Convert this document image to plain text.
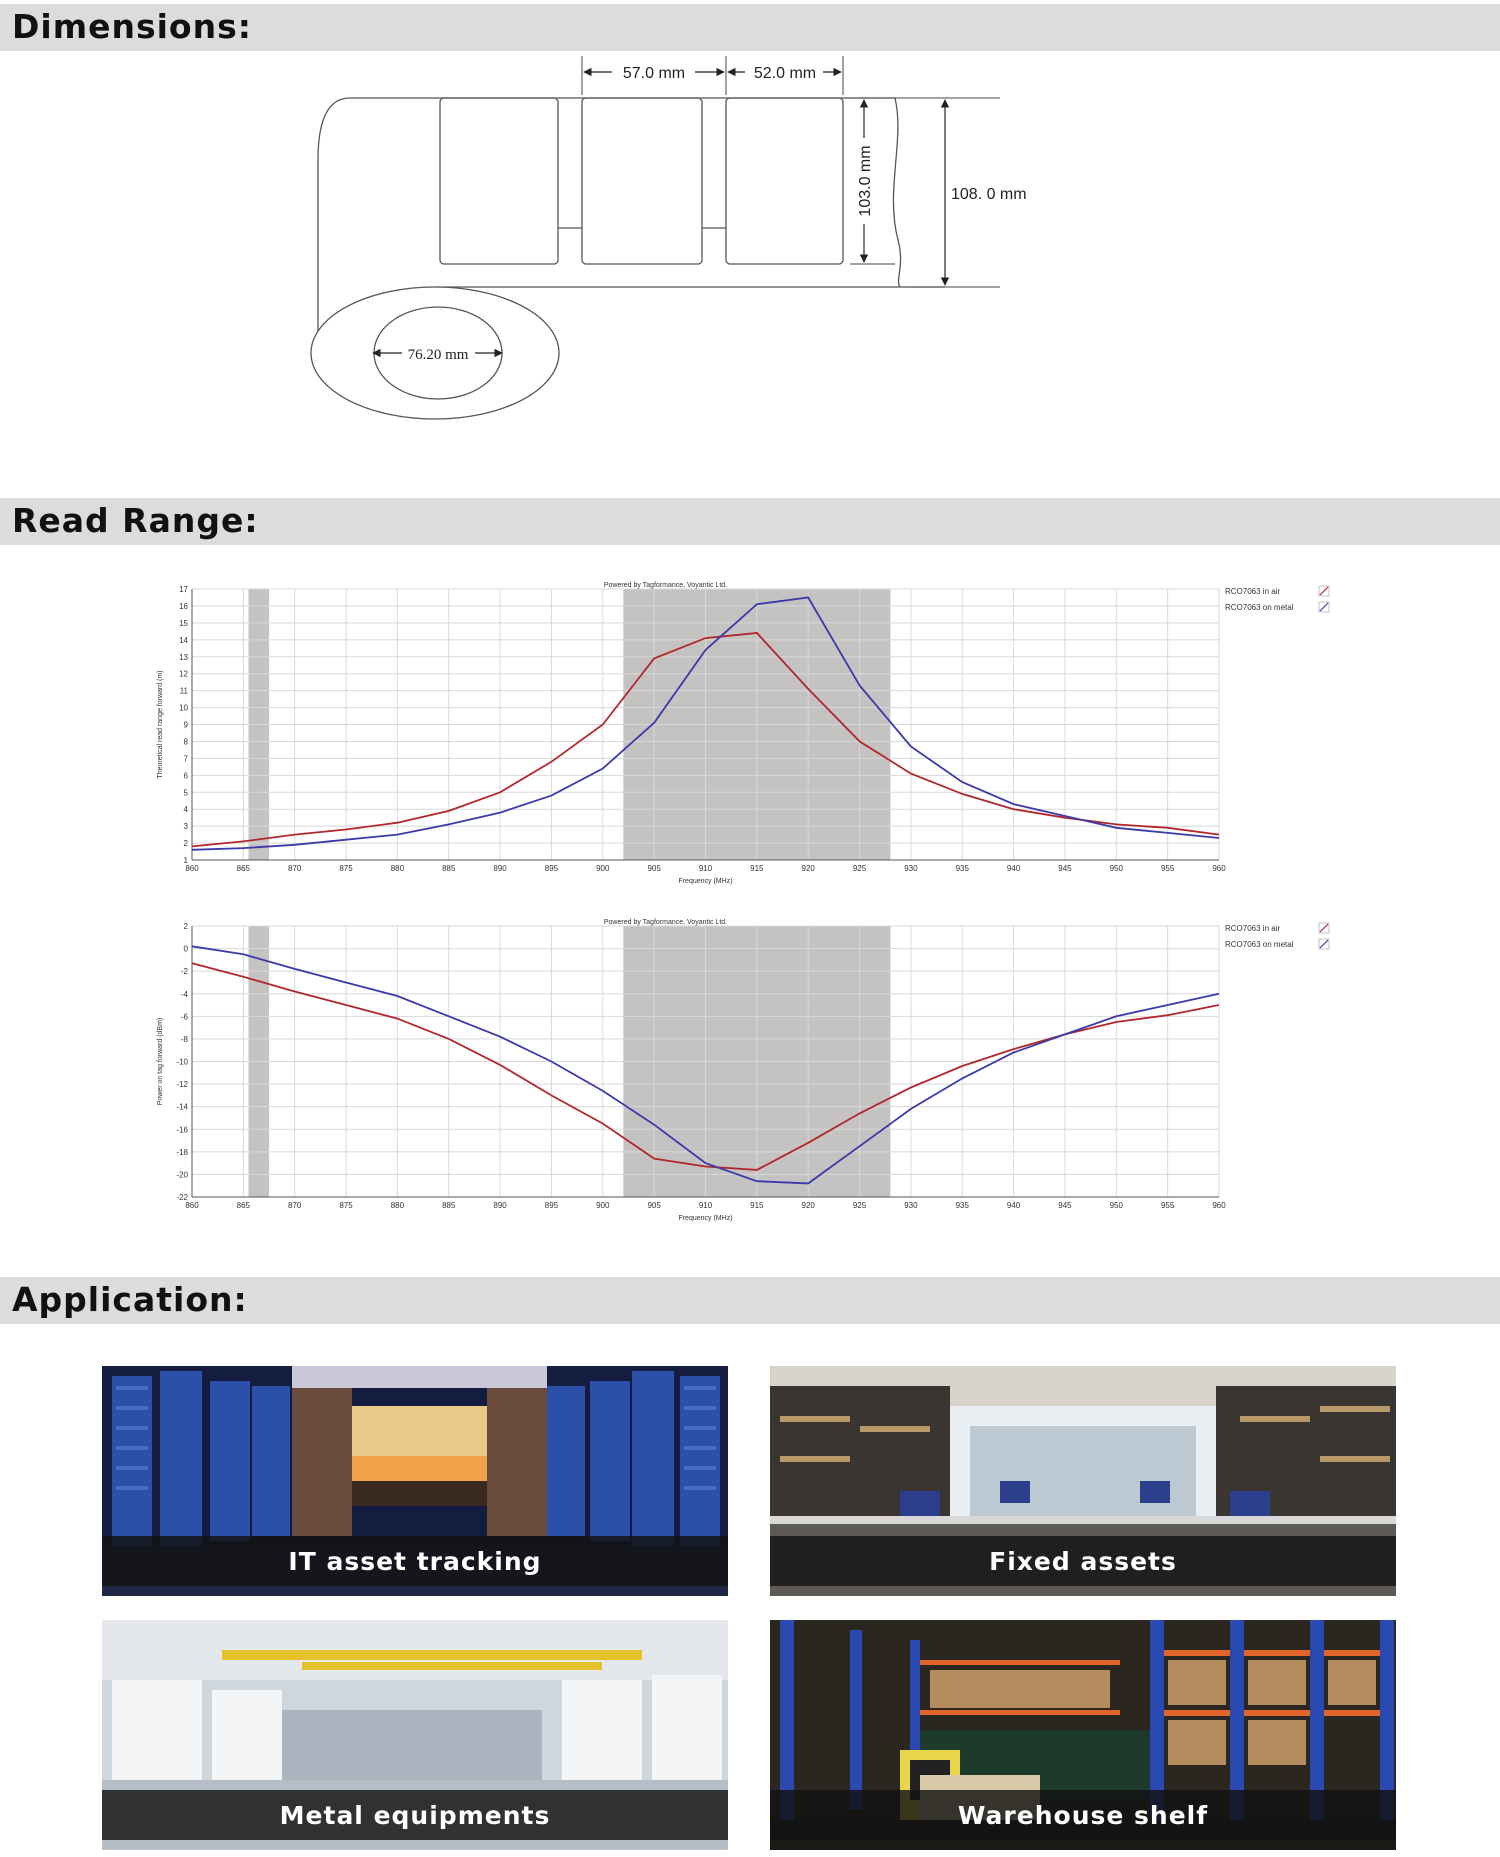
Dimensions:
57.0 mm	52.0 mm
103.0 mm	108. 0 mm
76.20 mm
Read Range:
860	865	870	875	880	885	890	895	900	905	910	915	920	925	930	935	940	945	950	955	960
1
2
3
4
5
6
7
8
9
10
11
12
13
14
15
16
17
Frequency (MHz)
Theoretical read range forward (m)
Powered by Tagformance, Voyantic Ltd.
RCO7063 in air
RCO7063 on metal
860	865	870	875	880	885	890	895	900	905	910	915	920	925	930	935	940	945	950	955	960
2
0
-2
-4
-6
-8
-10
-12
-14
-16
-18
-20
-22
Frequency (MHz)
Power on tag forward (dBm)
Powered by Tagformance, Voyantic Ltd.
RCO7063 in air
RCO7063 on metal
Application:
IT asset tracking	Fixed assets
Metal equipments	Warehouse shelf
